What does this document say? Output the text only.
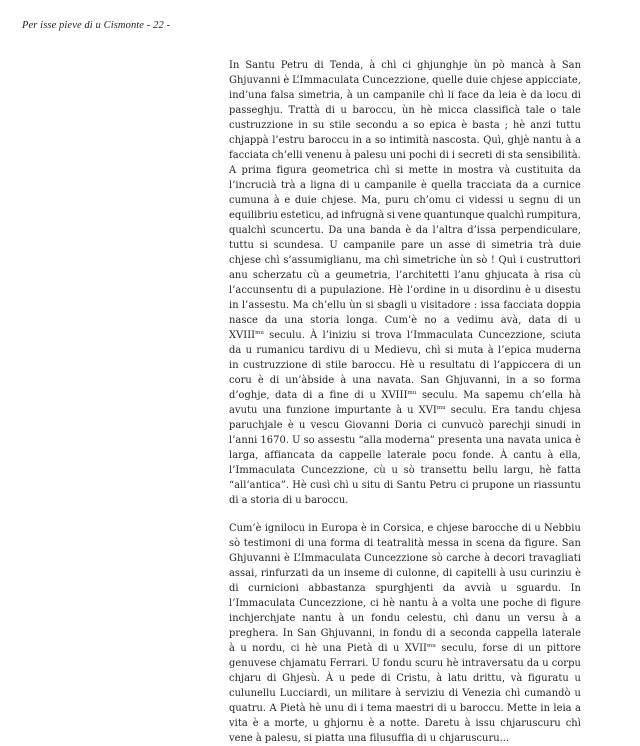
Per isse pieve di u Cismonte - 22 -
In Santu Petru di Tenda, à chì ci ghjunghje ùn pò mancà à San
Ghjuvanni è L’Immaculata Cuncezzione, quelle duie chjese appicciate,
ind’una falsa simetria, à un campanile chì li face da leia è da locu di
passeghju. Trattà di u baroccu, ùn hè micca classificà tale o tale
custruzzione in su stile secondu a so epica è basta ; hè anzi tuttu
chjappà l’estru baroccu in a so intimità nascosta. Quì, ghjè nantu à a
facciata ch’elli venenu à palesu uni pochi di i secreti di sta sensibilità.
A prima figura geometrica chì si mette in mostra và custituita da
l’incrucià trà a ligna di u campanile è quella tracciata da a curnice
cumuna à e duie chjese. Ma, puru ch’omu ci videssi u segnu di un
equilibriu esteticu, ad infrugnà si vene quantunque qualchì rumpitura,
qualchì scuncertu. Da una banda è da l’altra d’issa perpendiculare,
tuttu si scundesa. U campanile pare un asse di simetria trà duie
chjese chì s’assumiglianu, ma chì simetriche ùn sò ! Quì i custruttori
anu scherzatu cù a geumetria, l’architetti l’anu ghjucata à risa cù
l’accunsentu di a pupulazione. Hè l’ordine in u disordinu è u disestu
in l’assestu. Ma ch’ellu ùn si sbagli u visitadore : issa facciata doppia
nasce da una storia longa. Cum’è no a vedimu avà, data di u
$XVIII^{mu}$ seculu. À l’iniziu si trova l’Immaculata Cuncezzione, sciuta
da u rumanicu tardivu di u Medievu, chì si muta à l’epica muderna
in custruzzione di stile baroccu. Hè u resultatu di l’appiccera di un
coru è di un’àbside à una navata. San Ghjuvanni, in a so forma
d’oghje, data di a fine di u $XVIII^{mu}$ seculu. Ma sapemu ch’ella hà
avutu una funzione impurtante à u $XVI^{mu}$ seculu. Era tandu chjesa
paruchjale è u vescu Giovanni Doria ci cunvucò parechji sinudi in
l’anni 1670. U so assestu “alla moderna” presenta una navata unica è
larga, affiancata da cappelle laterale pocu fonde. À cantu à ella,
l’Immaculata Cuncezzione, cù u sò transettu bellu largu, hè fatta
“all’antica”. Hè cusì chì u situ di Santu Petru ci prupone un riassuntu
di a storia di u baroccu.
Cum’è ignilocu in Europa è in Corsica, e chjese barocche di u Nebbiu
sò testimoni di una forma di teatralità messa in scena da figure. San
Ghjuvanni è L’Immaculata Cuncezzione sò carche à decori travagliati
assai, rinfurzati da un inseme di culonne, di capitelli à usu curinziu è
di curnicioni abbastanza spurghjenti da avvià u sguardu. In
l’Immaculata Cuncezzione, ci hè nantu à a volta une poche di figure
inchjerchjate nantu à un fondu celestu, chì danu un versu à a
preghera. In San Ghjuvanni, in fondu di a seconda cappella laterale
à u nordu, ci hè una Pietà di u $XVII^{mu}$ seculu, forse di un pittore
genuvese chjamatu Ferrari. U fondu scuru hè intraversatu da u corpu
chjaru di Ghjesù. À u pede di Cristu, à latu drittu, và figuratu u
culunellu Lucciardi, un militare à serviziu di Venezia chì cumandò u
quatru. A Pietà hè unu di i tema maestri di u baroccu. Mette in leia a
vita è a morte, u ghjornu è a notte. Daretu à issu chjaruscuru chì
vene à palesu, si piatta una filusuffia di u chjaruscuru...
